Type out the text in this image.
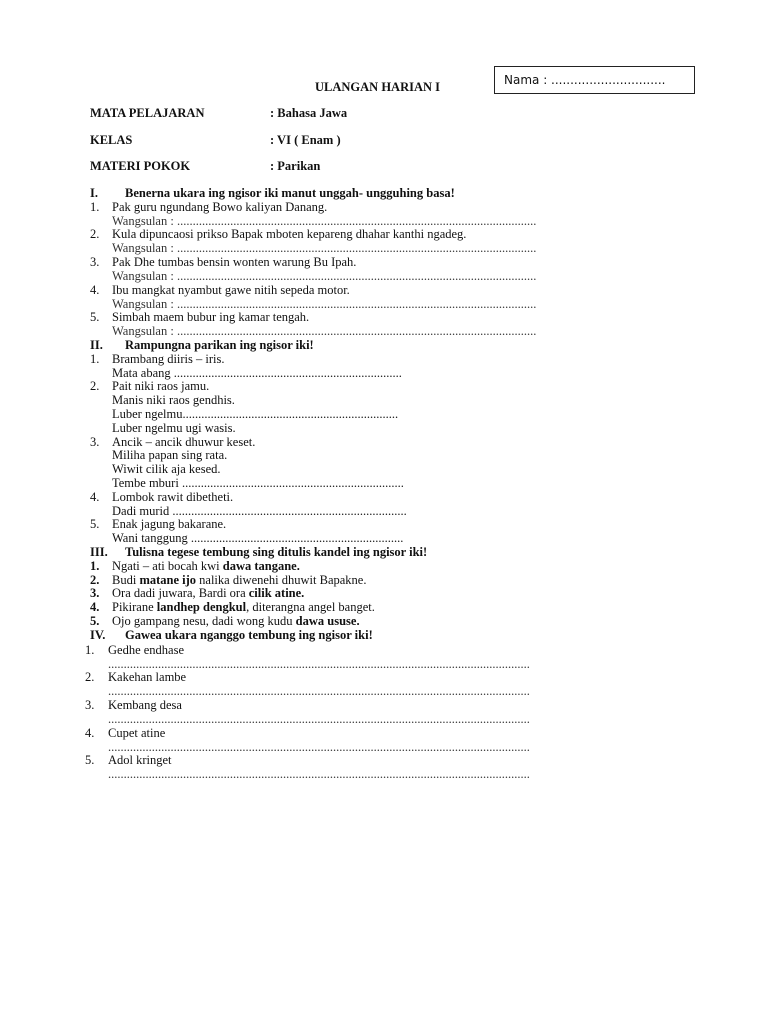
ULANGAN HARIAN I	Nama : ..............................
MATA PELAJARAN	: Bahasa Jawa
KELAS	: VI ( Enam )
MATERI POKOK	: Parikan
I. Benerna ukara ing ngisor iki manut unggah- ungguhing basa!
1. Pak guru ngundang Bowo kaliyan Danang.
Wangsulan : ...................................................................................................................
2. Kula dipuncaosi prikso Bapak mboten kepareng dhahar kanthi ngadeg.
Wangsulan : ...................................................................................................................
3. Pak Dhe tumbas bensin wonten warung Bu Ipah.
Wangsulan : ...................................................................................................................
4. Ibu mangkat nyambut gawe nitih sepeda motor.
Wangsulan : ...................................................................................................................
5. Simbah maem bubur ing kamar tengah.
Wangsulan : ...................................................................................................................
II. Rampungna parikan ing ngisor iki!
1. Brambang diiris – iris.
Mata abang .........................................................................
2. Pait niki raos jamu.
Manis niki raos gendhis.
Luber ngelmu.....................................................................
Luber ngelmu ugi wasis.
3. Ancik – ancik dhuwur keset.
Miliha papan sing rata.
Wiwit cilik aja kesed.
Tembe mburi .......................................................................
4. Lombok rawit dibetheti.
Dadi murid ...........................................................................
5. Enak jagung bakarane.
Wani tanggung ....................................................................
III. Tulisna tegese tembung sing ditulis kandel ing ngisor iki!
1. Ngati – ati bocah kwi dawa tangane.
2. Budi matane ijo nalika diwenehi dhuwit Bapakne.
3. Ora dadi juwara, Bardi ora cilik atine.
4. Pikirane landhep dengkul, diterangna angel banget.
5. Ojo gampang nesu, dadi wong kudu dawa ususe.
IV. Gawea ukara nganggo tembung ing ngisor iki!
1. Gedhe endhase
.......................................................................................................................................
2. Kakehan lambe
.......................................................................................................................................
3. Kembang desa
.......................................................................................................................................
4. Cupet atine
.......................................................................................................................................
5. Adol kringet
.......................................................................................................................................
